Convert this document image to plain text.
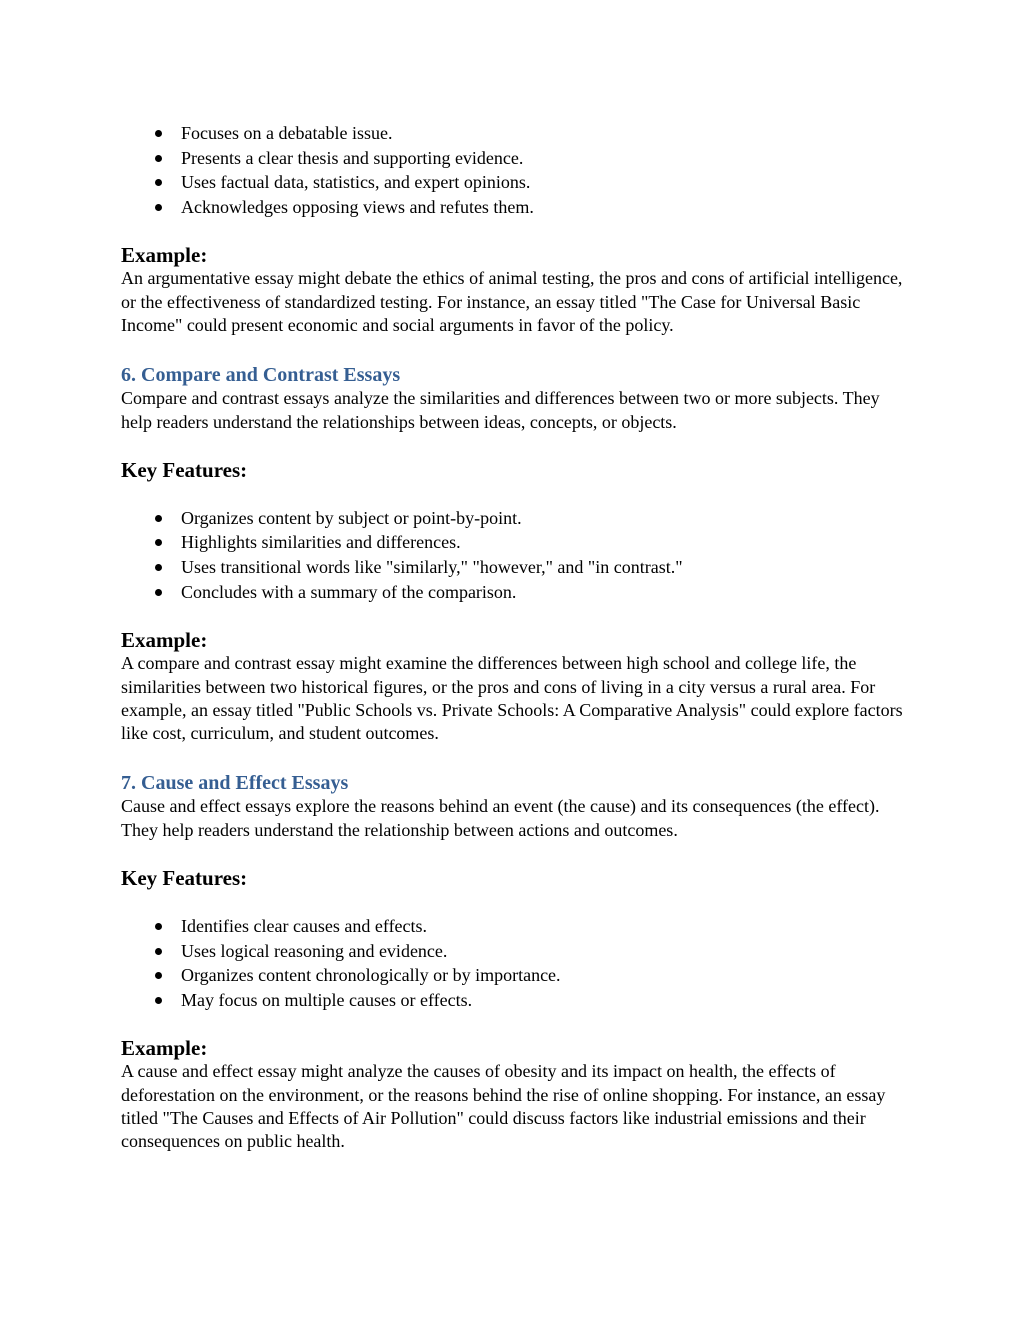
Focuses on a debatable issue.
Presents a clear thesis and supporting evidence.
Uses factual data, statistics, and expert opinions.
Acknowledges opposing views and refutes them.

Example:

An argumentative essay might debate the ethics of animal testing, the pros and cons of artificial intelligence, or the effectiveness of standardized testing. For instance, an essay titled "The Case for Universal Basic Income" could present economic and social arguments in favor of the policy.

6. Compare and Contrast Essays

Compare and contrast essays analyze the similarities and differences between two or more subjects. They help readers understand the relationships between ideas, concepts, or objects.

Key Features:

Organizes content by subject or point-by-point.
Highlights similarities and differences.
Uses transitional words like "similarly," "however," and "in contrast."
Concludes with a summary of the comparison.

Example:

A compare and contrast essay might examine the differences between high school and college life, the similarities between two historical figures, or the pros and cons of living in a city versus a rural area. For example, an essay titled "Public Schools vs. Private Schools: A Comparative Analysis" could explore factors like cost, curriculum, and student outcomes.

7. Cause and Effect Essays

Cause and effect essays explore the reasons behind an event (the cause) and its consequences (the effect). They help readers understand the relationship between actions and outcomes.

Key Features:

Identifies clear causes and effects.
Uses logical reasoning and evidence.
Organizes content chronologically or by importance.
May focus on multiple causes or effects.

Example:

A cause and effect essay might analyze the causes of obesity and its impact on health, the effects of deforestation on the environment, or the reasons behind the rise of online shopping. For instance, an essay titled "The Causes and Effects of Air Pollution" could discuss factors like industrial emissions and their consequences on public health.
